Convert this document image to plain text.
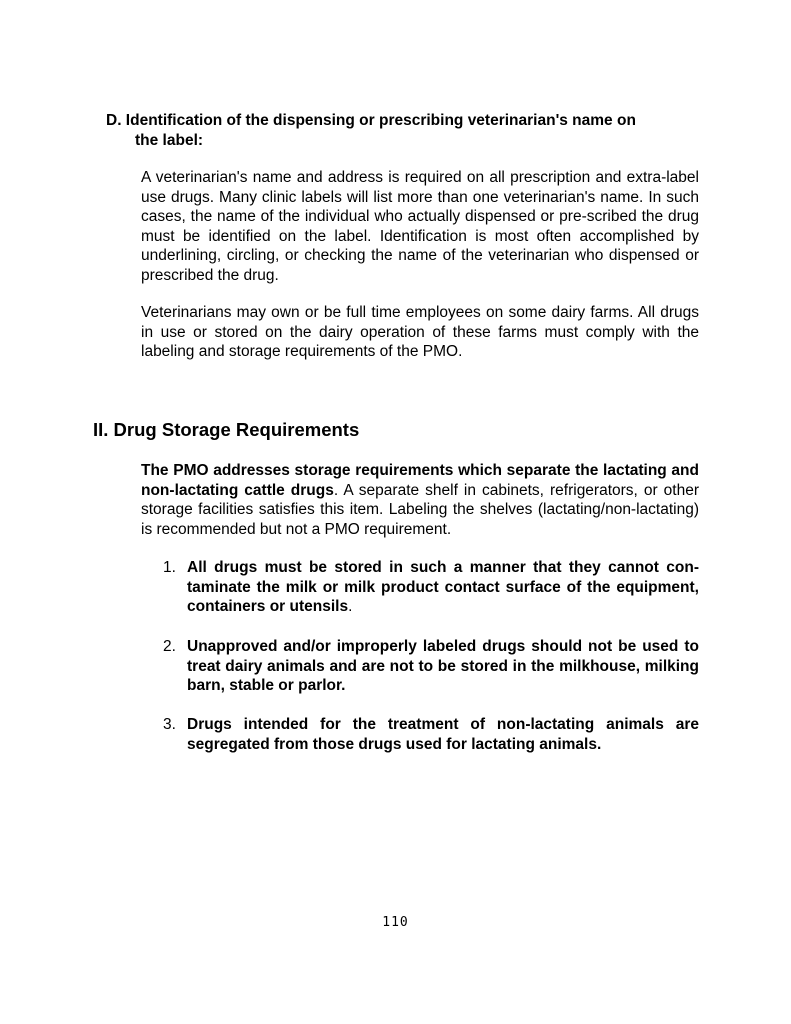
D. Identification of the dispensing or prescribing veterinarian's name on
the label:
A veterinarian's name and address is required on all prescription and extra-label use drugs. Many clinic labels will list more than one veterinarian's name. In such cases, the name of the individual who actually dispensed or pre-scribed the drug must be identified on the label. Identification is most often accomplished by underlining, circling, or checking the name of the veterinarian who dispensed or prescribed the drug.
Veterinarians may own or be full time employees on some dairy farms. All drugs in use or stored on the dairy operation of these farms must comply with the labeling and storage requirements of the PMO.
II. Drug Storage Requirements
The PMO addresses storage requirements which separate the lactating and non-lactating cattle drugs. A separate shelf in cabinets, refrigerators, or other storage facilities satisfies this item. Labeling the shelves (lactating/non-lactating) is recommended but not a PMO requirement.
1. All drugs must be stored in such a manner that they cannot con-taminate the milk or milk product contact surface of the equipment, containers or utensils.
2. Unapproved and/or improperly labeled drugs should not be used to treat dairy animals and are not to be stored in the milkhouse, milking barn, stable or parlor.
3. Drugs intended for the treatment of non-lactating animals are segregated from those drugs used for lactating animals.
110
